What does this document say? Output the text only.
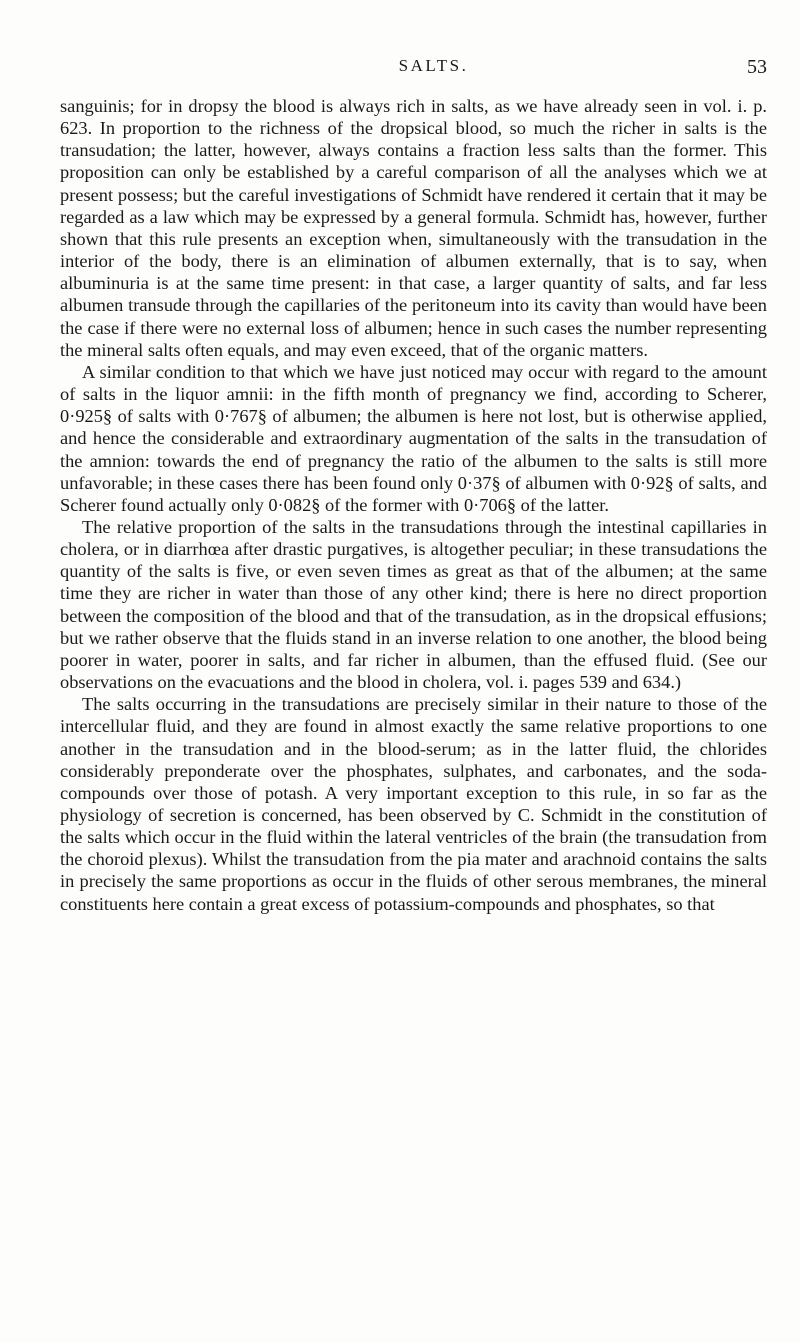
SALTS.	53

sanguinis; for in dropsy the blood is always rich in salts, as we have already seen in vol. i. p. 623. In proportion to the richness of the dropsical blood, so much the richer in salts is the transudation; the latter, however, always contains a fraction less salts than the former. This proposition can only be established by a careful comparison of all the analyses which we at present possess; but the careful investigations of Schmidt have rendered it certain that it may be regarded as a law which may be expressed by a general formula. Schmidt has, however, further shown that this rule presents an exception when, simultaneously with the transudation in the interior of the body, there is an elimination of albumen externally, that is to say, when albuminuria is at the same time present: in that case, a larger quantity of salts, and far less albumen transude through the capillaries of the peritoneum into its cavity than would have been the case if there were no external loss of albumen; hence in such cases the number representing the mineral salts often equals, and may even exceed, that of the organic matters.

A similar condition to that which we have just noticed may occur with regard to the amount of salts in the liquor amnii: in the fifth month of pregnancy we find, according to Scherer, 0·925§ of salts with 0·767§ of albumen; the albumen is here not lost, but is otherwise applied, and hence the considerable and extraordinary augmentation of the salts in the transudation of the amnion: towards the end of pregnancy the ratio of the albumen to the salts is still more unfavorable; in these cases there has been found only 0·37§ of albumen with 0·92§ of salts, and Scherer found actually only 0·082§ of the former with 0·706§ of the latter.

The relative proportion of the salts in the transudations through the intestinal capillaries in cholera, or in diarrhœa after drastic purgatives, is altogether peculiar; in these transudations the quantity of the salts is five, or even seven times as great as that of the albumen; at the same time they are richer in water than those of any other kind; there is here no direct proportion between the composition of the blood and that of the transudation, as in the dropsical effusions; but we rather observe that the fluids stand in an inverse relation to one another, the blood being poorer in water, poorer in salts, and far richer in albumen, than the effused fluid. (See our observations on the evacuations and the blood in cholera, vol. i. pages 539 and 634.)

The salts occurring in the transudations are precisely similar in their nature to those of the intercellular fluid, and they are found in almost exactly the same relative proportions to one another in the transudation and in the blood-serum; as in the latter fluid, the chlorides considerably preponderate over the phosphates, sulphates, and carbonates, and the soda-compounds over those of potash. A very important exception to this rule, in so far as the physiology of secretion is concerned, has been observed by C. Schmidt in the constitution of the salts which occur in the fluid within the lateral ventricles of the brain (the transudation from the choroid plexus). Whilst the transudation from the pia mater and arachnoid contains the salts in precisely the same proportions as occur in the fluids of other serous membranes, the mineral constituents here contain a great excess of potassium-compounds and phosphates, so that
